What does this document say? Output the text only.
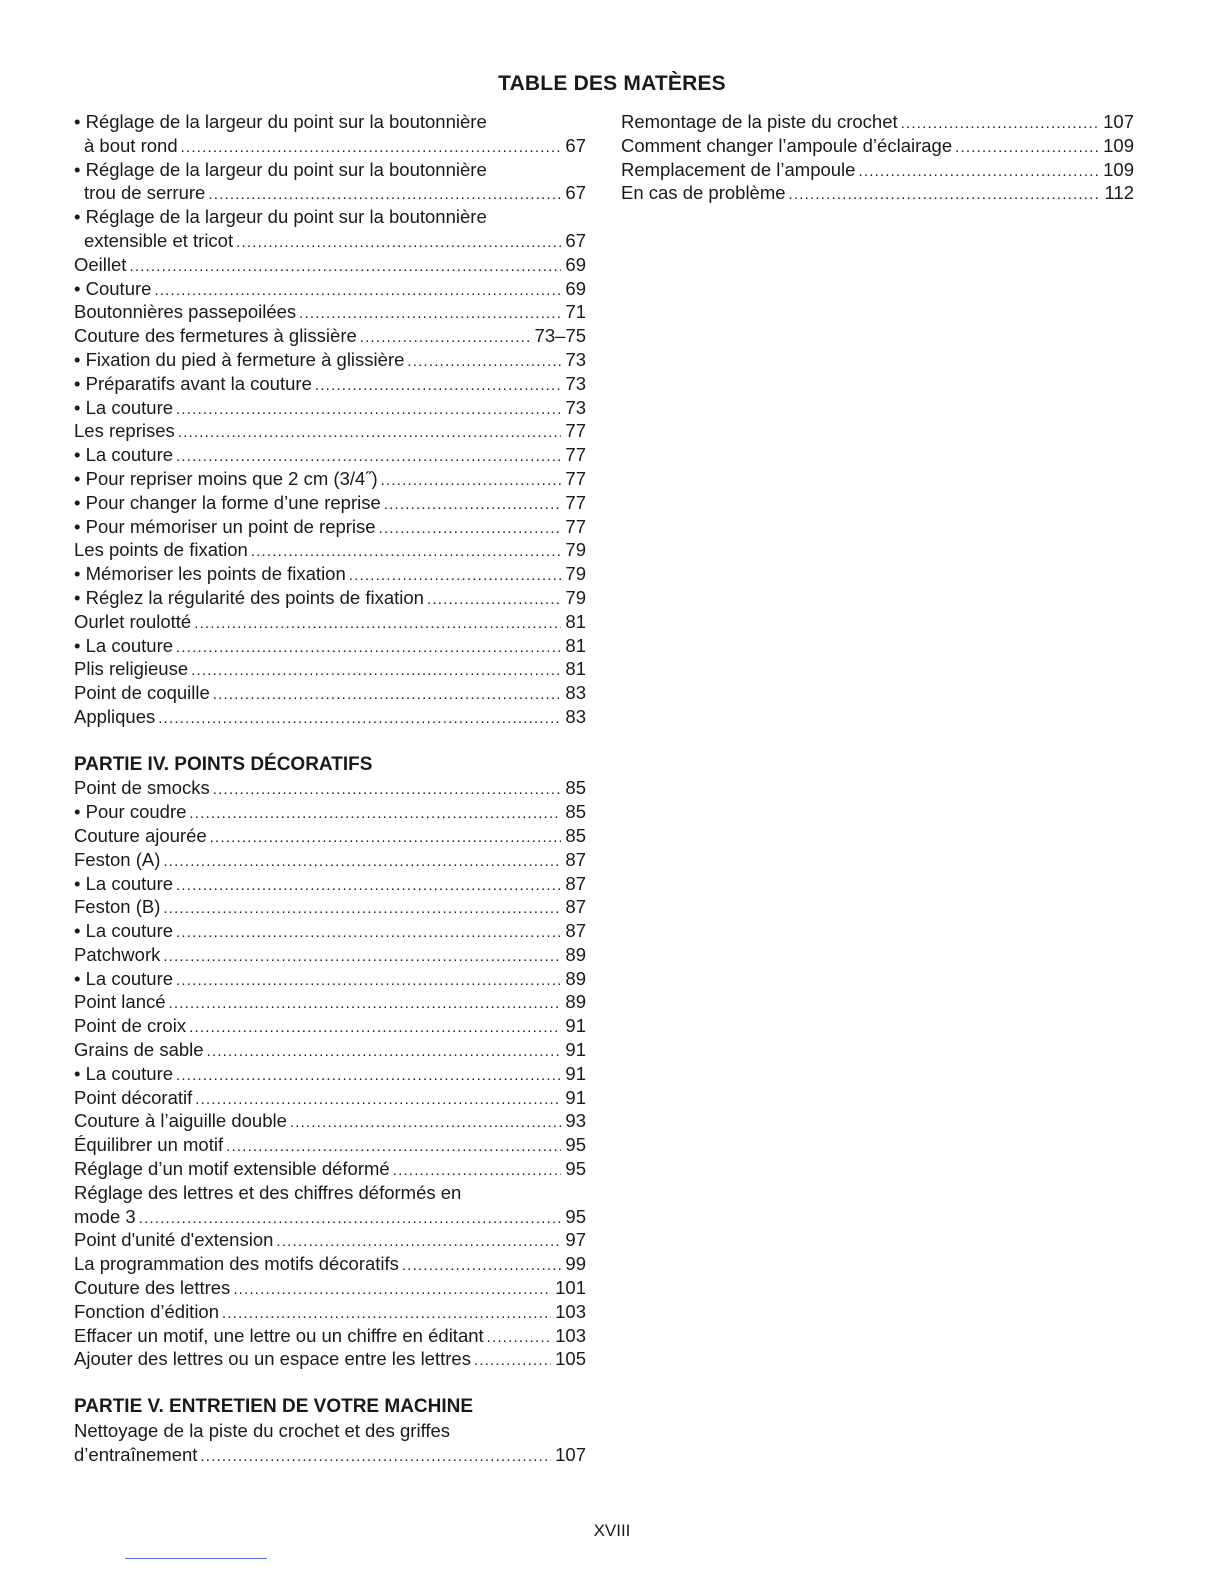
TABLE DES MATÈRES
• Réglage de la largeur du point sur la boutonnière
à bout rond .....	67
• Réglage de la largeur du point sur la boutonnière
trou de serrure .....	67
• Réglage de la largeur du point sur la boutonnière
extensible et tricot .....	67
Oeillet .....	69
• Couture .....	69
Boutonnières passepoilées .....	71
Couture des fermetures à glissière .....	73–75
• Fixation du pied à fermeture à glissière .....	73
• Préparatifs avant la couture .....	73
• La couture .....	73
Les reprises .....	77
• La couture .....	77
• Pour repriser moins que 2 cm (3/4˝) .....	77
• Pour changer la forme d’une reprise .....	77
• Pour mémoriser un point de reprise .....	77
Les points de fixation .....	79
• Mémoriser les points de fixation .....	79
• Réglez la régularité des points de fixation .....	79
Ourlet roulotté .....	81
• La couture .....	81
Plis religieuse .....	81
Point de coquille .....	83
Appliques .....	83
PARTIE IV. POINTS DÉCORATIFS
Point de smocks .....	85
• Pour coudre .....	85
Couture ajourée .....	85
Feston (A) .....	87
• La couture .....	87
Feston (B) .....	87
• La couture .....	87
Patchwork .....	89
• La couture .....	89
Point lancé .....	89
Point de croix .....	91
Grains de sable .....	91
• La couture .....	91
Point décoratif .....	91
Couture à l’aiguille double .....	93
Équilibrer un motif .....	95
Réglage d’un motif extensible déformé .....	95
Réglage des lettres et des chiffres déformés en
mode 3 .....	95
Point d'unité d'extension .....	97
La programmation des motifs décoratifs .....	99
Couture des lettres .....	101
Fonction d’édition .....	103
Effacer un motif, une lettre ou un chiffre en éditant .....	103
Ajouter des lettres ou un espace entre les lettres .....	105
PARTIE V. ENTRETIEN DE VOTRE MACHINE
Nettoyage de la piste du crochet et des griffes
d’entraînement .....	107
Remontage de la piste du crochet .....	107
Comment changer l’ampoule d’éclairage .....	109
Remplacement de l’ampoule .....	109
En cas de problème .....	112
XVIII
